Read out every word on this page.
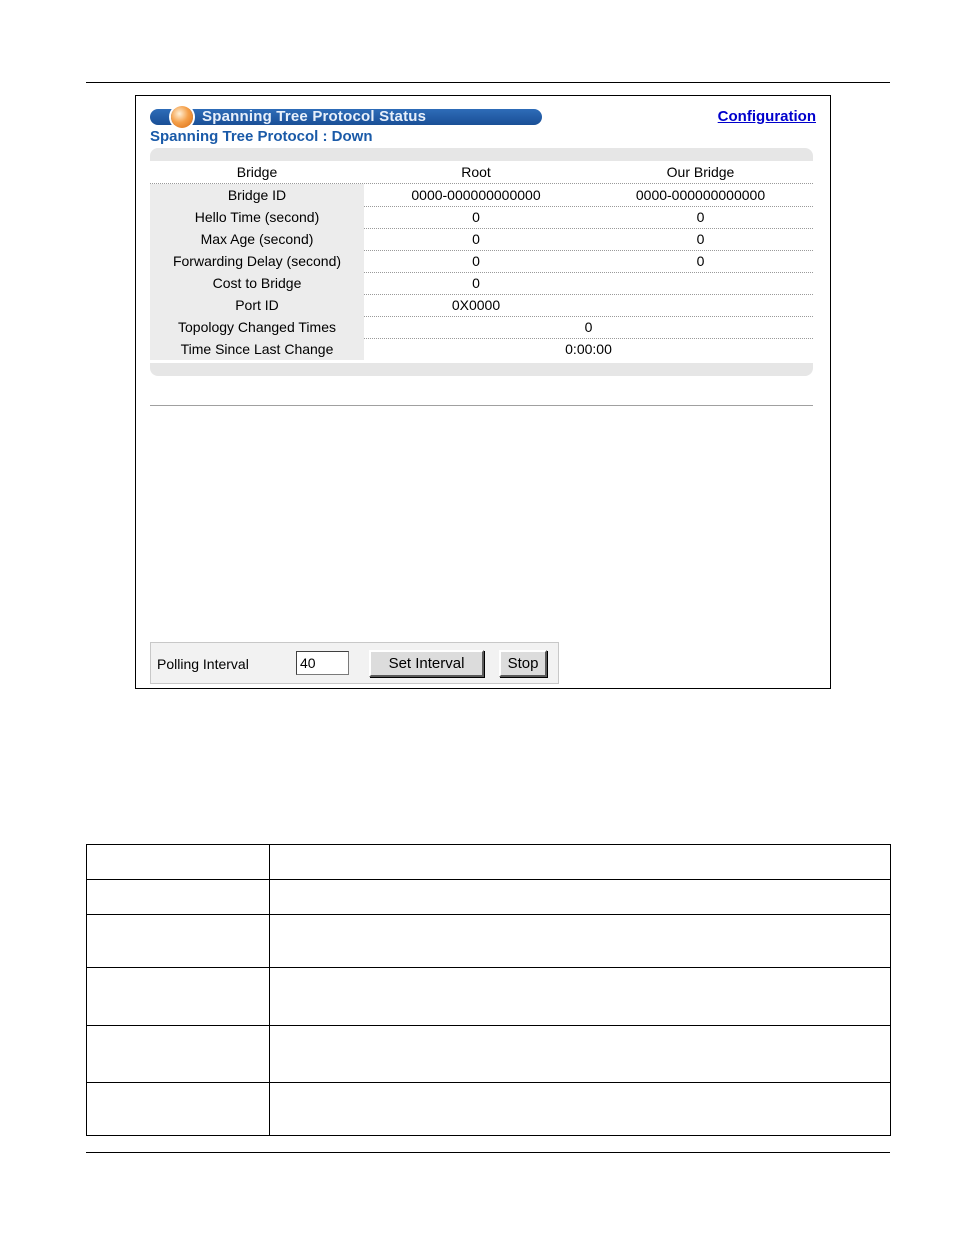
Spanning Tree Protocol Status	Configuration
Spanning Tree Protocol : Down
Bridge	Root	Our Bridge
Bridge ID	0000-000000000000	0000-000000000000
Hello Time (second)	0	0
Max Age (second)	0	0
Forwarding Delay (second)	0	0
Cost to Bridge	0
Port ID	0X0000
Topology Changed Times	0
Time Since Last Change	0:00:00
Polling Interval
40	Set Interval	Stop
